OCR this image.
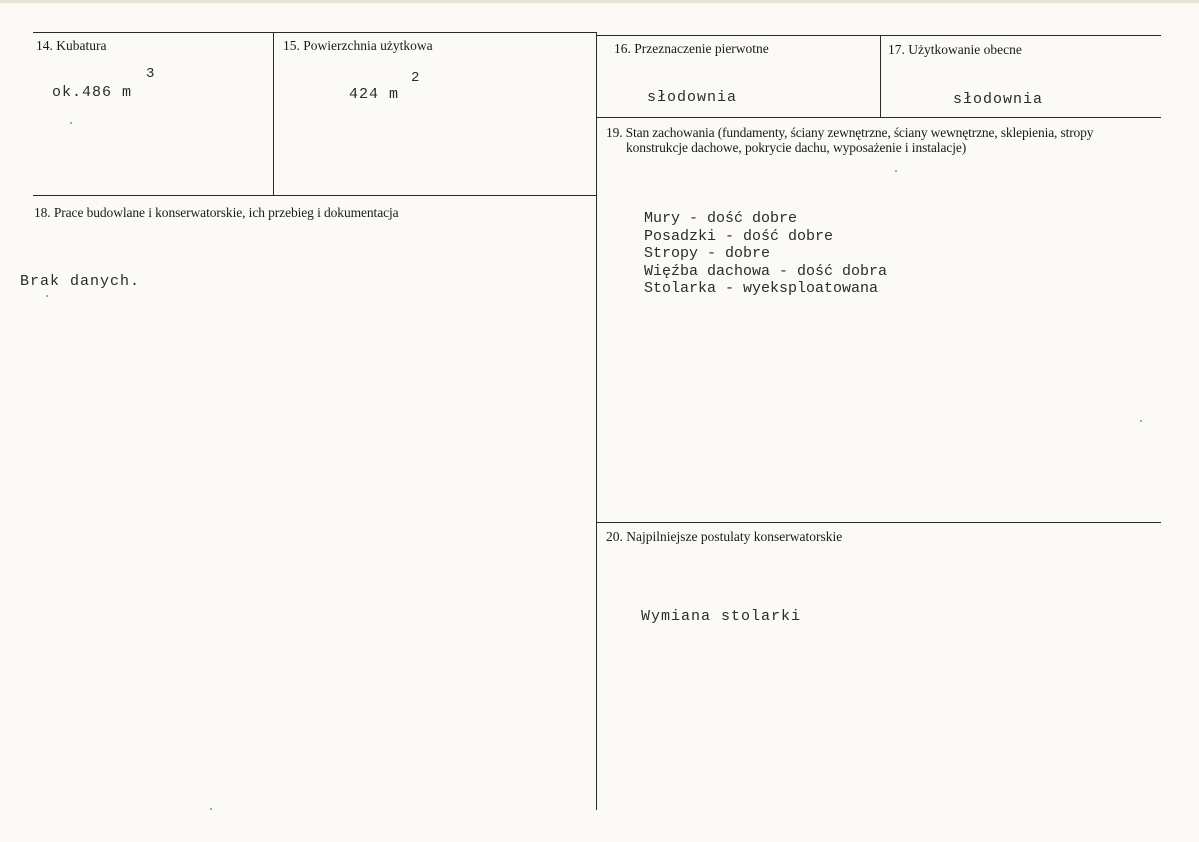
14. Kubatura
ok.486 m
3
15. Powierzchnia użytkowa
424 m
2
16. Przeznaczenie pierwotne
słodownia
17. Użytkowanie obecne
słodownia
19. Stan zachowania (fundamenty, ściany zewnętrzne, ściany wewnętrzne, sklepienia, stropy
konstrukcje dachowe, pokrycie dachu, wyposażenie i instalacje)
Mury - dość dobre
Posadzki - dość dobre
Stropy - dobre
Więźba dachowa - dość dobra
Stolarka - wyeksploatowana
18. Prace budowlane i konserwatorskie, ich przebieg i dokumentacja
Brak danych.
20. Najpilniejsze postulaty konserwatorskie
Wymiana stolarki
